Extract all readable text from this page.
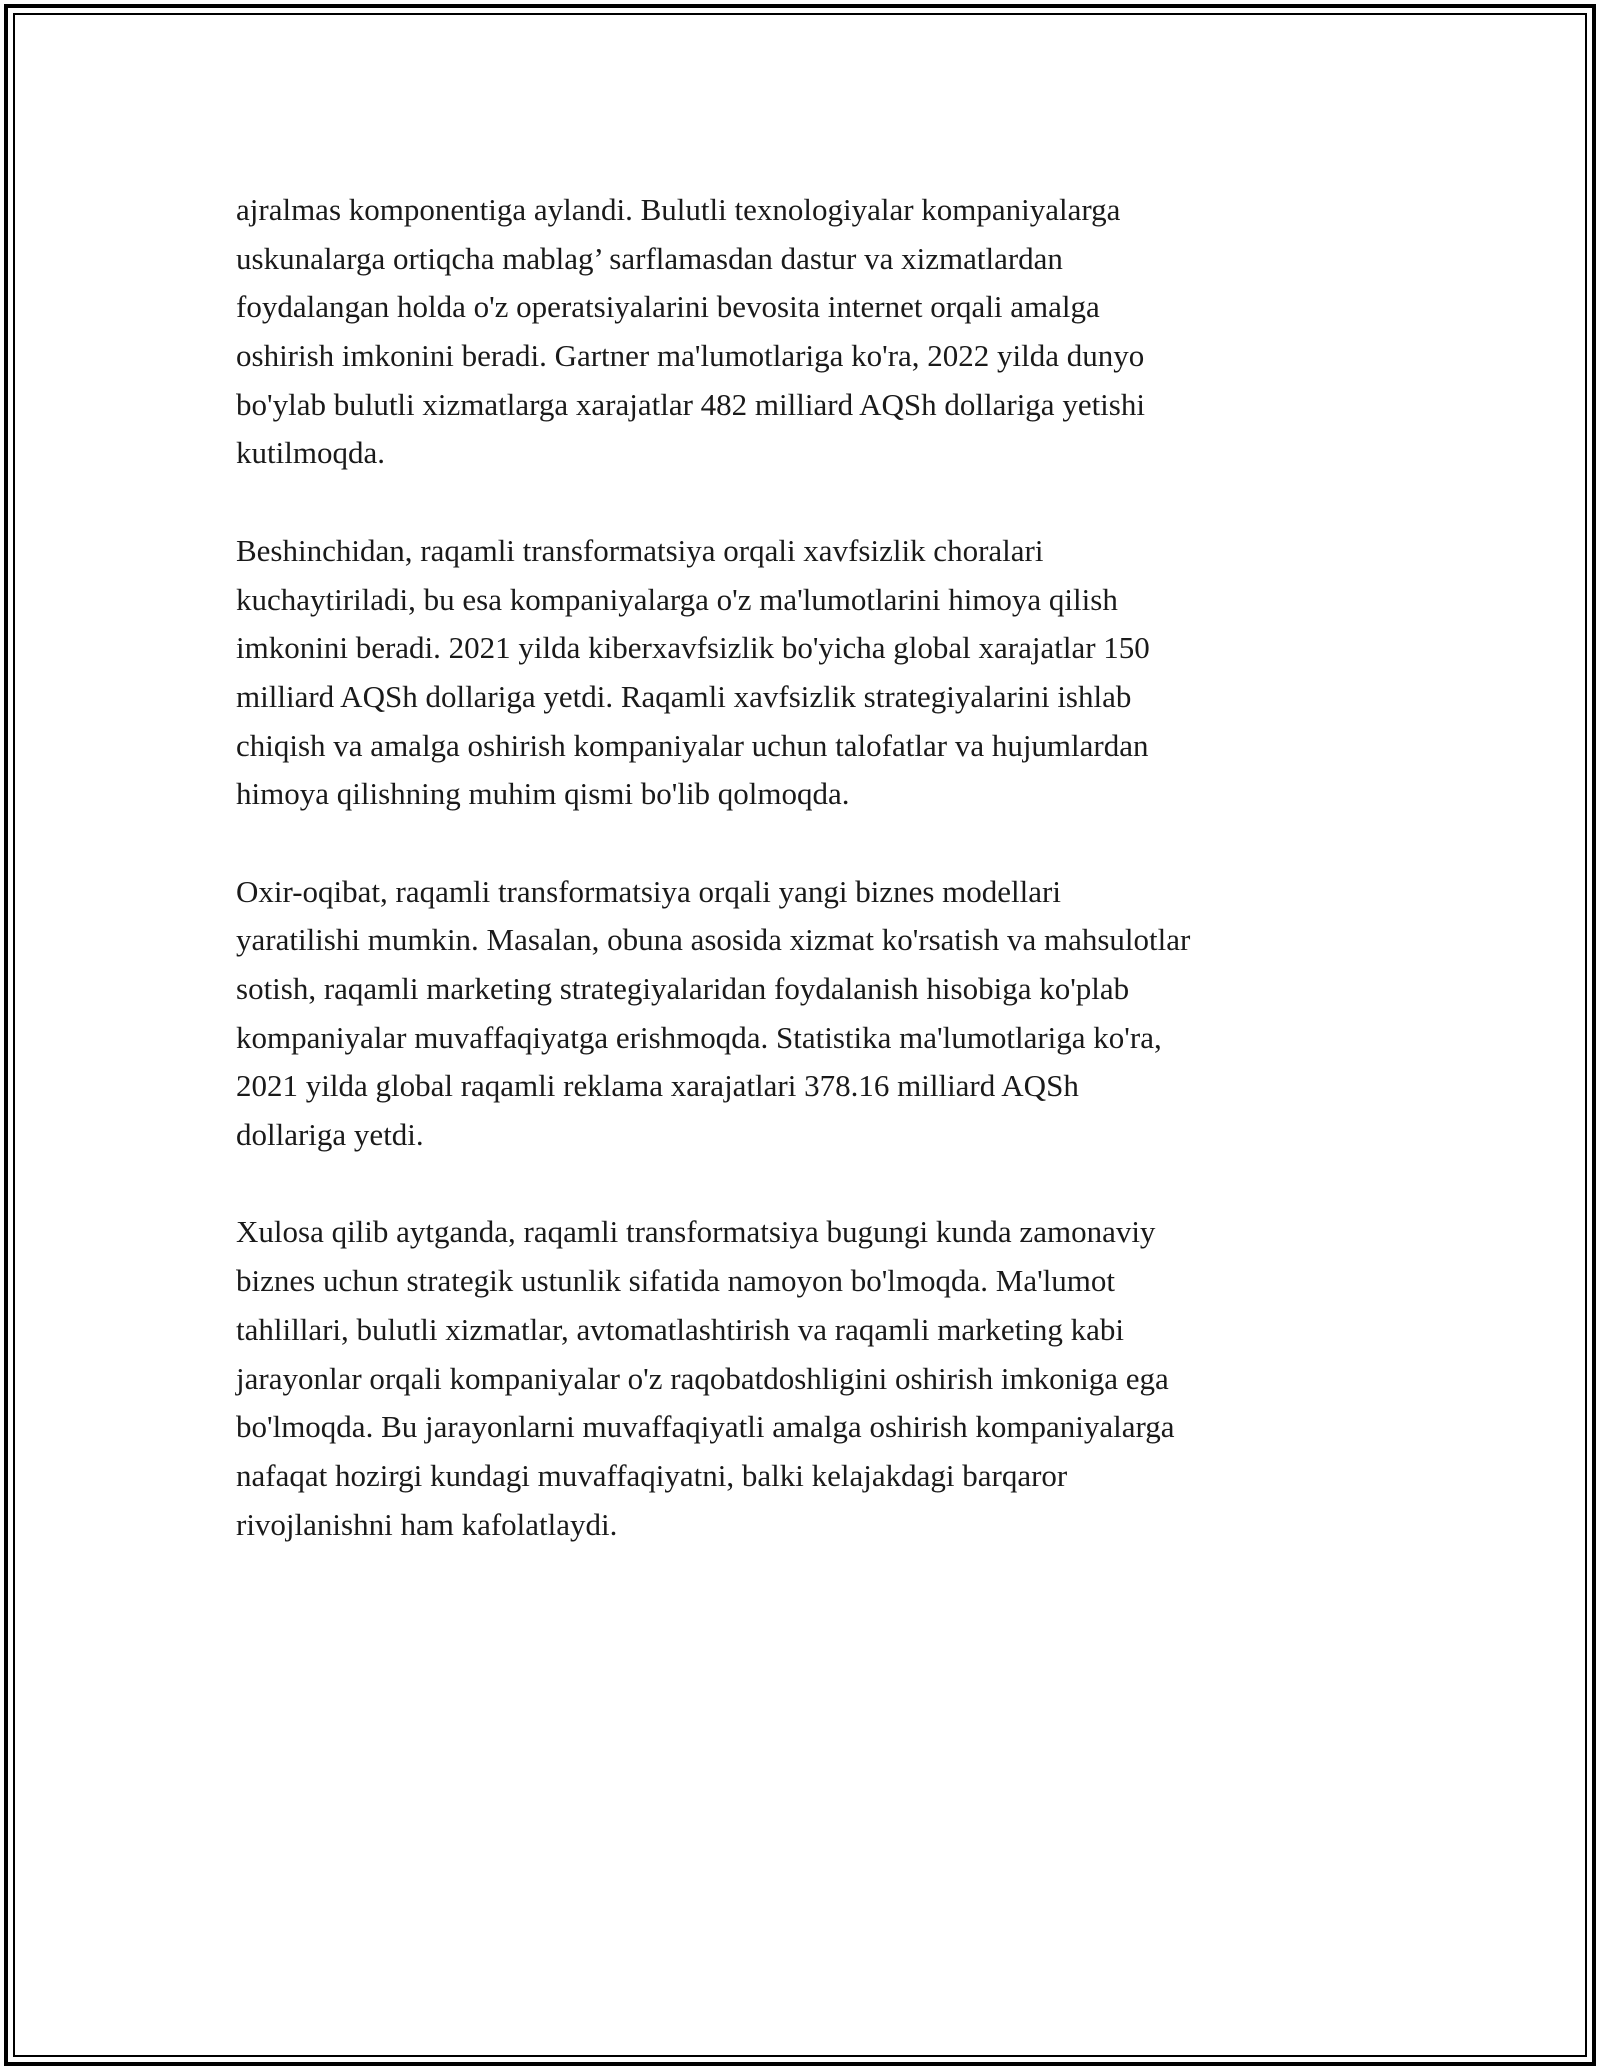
ajralmas komponentiga aylandi. Bulutli texnologiyalar kompaniyalarga
uskunalarga ortiqcha mablag’ sarflamasdan dastur va xizmatlardan
foydalangan holda o'z operatsiyalarini bevosita internet orqali amalga
oshirish imkonini beradi. Gartner ma'lumotlariga ko'ra, 2022 yilda dunyo
bo'ylab bulutli xizmatlarga xarajatlar 482 milliard AQSh dollariga yetishi
kutilmoqda.

Beshinchidan, raqamli transformatsiya orqali xavfsizlik choralari
kuchaytiriladi, bu esa kompaniyalarga o'z ma'lumotlarini himoya qilish
imkonini beradi. 2021 yilda kiberxavfsizlik bo'yicha global xarajatlar 150
milliard AQSh dollariga yetdi. Raqamli xavfsizlik strategiyalarini ishlab
chiqish va amalga oshirish kompaniyalar uchun talofatlar va hujumlardan
himoya qilishning muhim qismi bo'lib qolmoqda.

Oxir-oqibat, raqamli transformatsiya orqali yangi biznes modellari
yaratilishi mumkin. Masalan, obuna asosida xizmat ko'rsatish va mahsulotlar
sotish, raqamli marketing strategiyalaridan foydalanish hisobiga ko'plab
kompaniyalar muvaffaqiyatga erishmoqda. Statistika ma'lumotlariga ko'ra,
2021 yilda global raqamli reklama xarajatlari 378.16 milliard AQSh
dollariga yetdi.

Xulosa qilib aytganda, raqamli transformatsiya bugungi kunda zamonaviy
biznes uchun strategik ustunlik sifatida namoyon bo'lmoqda. Ma'lumot
tahlillari, bulutli xizmatlar, avtomatlashtirish va raqamli marketing kabi
jarayonlar orqali kompaniyalar o'z raqobatdoshligini oshirish imkoniga ega
bo'lmoqda. Bu jarayonlarni muvaffaqiyatli amalga oshirish kompaniyalarga
nafaqat hozirgi kundagi muvaffaqiyatni, balki kelajakdagi barqaror
rivojlanishni ham kafolatlaydi.
